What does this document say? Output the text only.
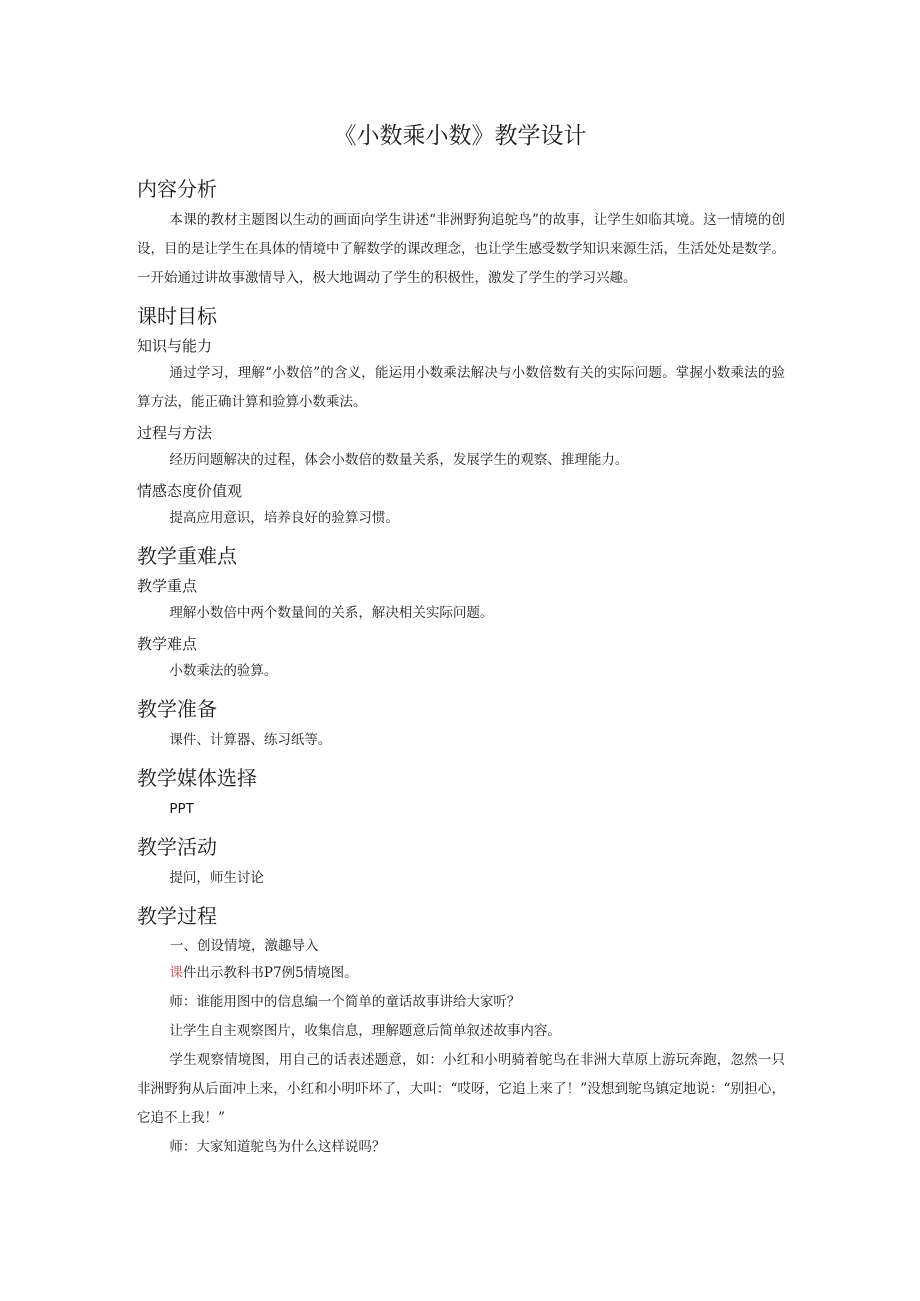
《小数乘小数》教学设计
内容分析

本课的教材主题图以生动的画面向学生讲述“非洲野狗追鸵鸟”的故事，让学生如临其境。这一情境的创设，目的是让学生在具体的情境中了解数学的课改理念，也让学生感受数学知识来源生活，生活处处是数学。一开始通过讲故事激情导入，极大地调动了学生的积极性，激发了学生的学习兴趣。

课时目标
知识与能力

通过学习，理解“小数倍”的含义，能运用小数乘法解决与小数倍数有关的实际问题。掌握小数乘法的验算方法，能正确计算和验算小数乘法。

过程与方法

经历问题解决的过程，体会小数倍的数量关系，发展学生的观察、推理能力。

情感态度价值观

提高应用意识，培养良好的验算习惯。

教学重难点
教学重点

理解小数倍中两个数量间的关系，解决相关实际问题。

教学难点

小数乘法的验算。

教学准备

课件、计算器、练习纸等。

教学媒体选择

PPT

教学活动

提问，师生讨论

教学过程
一、创设情境，激趣导入

课件出示教科书P7例5情境图。

师：谁能用图中的信息编一个简单的童话故事讲给大家听？

让学生自主观察图片，收集信息，理解题意后简单叙述故事内容。

学生观察情境图，用自己的话表述题意，如：小红和小明骑着鸵鸟在非洲大草原上游玩奔跑，忽然一只非洲野狗从后面冲上来，小红和小明吓坏了，大叫：“哎呀，它追上来了！”没想到鸵鸟镇定地说：“别担心，它追不上我！”

师：大家知道鸵鸟为什么这样说吗？
